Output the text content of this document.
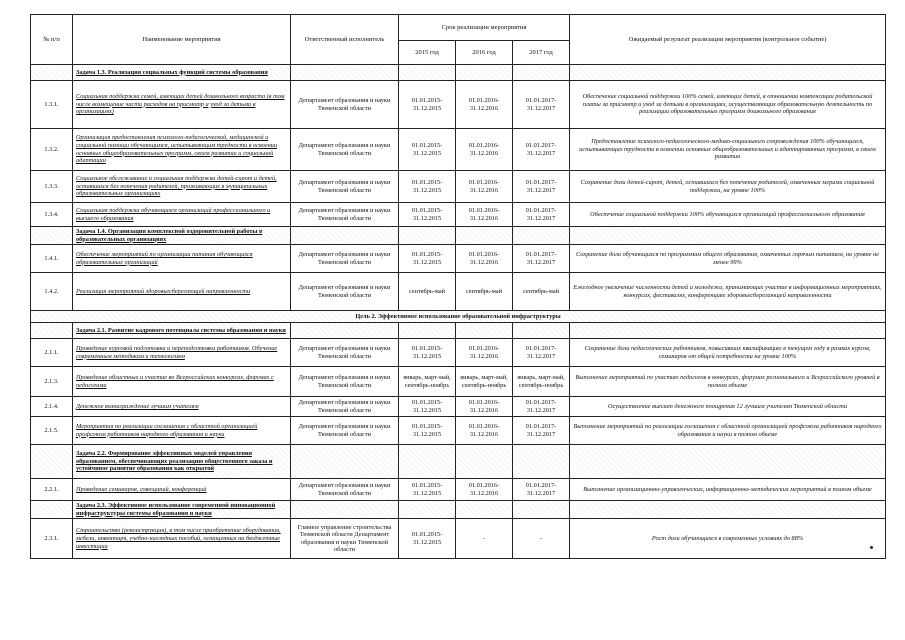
№ п/п	Наименование мероприятия	Ответственный исполнитель	Срок реализации мероприятия			Ожидаемый результат реализации мероприятия (контрольное событие)
			2015 год	2016 год	2017 год	
	Задача 1.3. Реализация социальных функций системы образования					
1.3.1.	Социальная поддержка семей, имеющих детей дошкольного возраста (в том числе возмещение части расходов на присмотр и уход за детьми в организациях)	Департамент образования и науки Тюменской области	01.01.2015-31.12.2015	01.01.2016-31.12.2016	01.01.2017-31.12.2017	Обеспечение социальной поддержки 100% семей, имеющих детей, в отношении компенсации родительской платы за присмотр и уход за детьми в организациях, осуществляющих образовательную деятельность по реализации образовательных программ дошкольного образования
1.3.2.	Организация предоставления психолого-педагогической, медицинской и социальной помощи обучающимся, испытывающим трудности в освоении основных общеобразовательных программ, своем развитии и социальной адаптации	Департамент образования и науки Тюменской области	01.01.2015-31.12.2015	01.01.2016-31.12.2016	01.01.2017-31.12.2017	Предоставление психолого-педагогического-медико-социального сопровождения 100% обучающихся, испытывающих трудности в освоении основных общеобразовательных и адаптированных программ, в своем развитии
1.3.3.	Социальное обслуживание и социальная поддержка детей-сирот и детей, оставшихся без попечения родителей, проживающих в муниципальных образовательных организациях	Департамент образования и науки Тюменской области	01.01.2015-31.12.2015	01.01.2016-31.12.2016	01.01.2017-31.12.2017	Сохранение доли детей-сирот, детей, оставшихся без попечения родителей, охваченных мерами социальной поддержки, на уровне 100%
1.3.4.	Социальная поддержка обучающихся организаций профессионального и высшего образования	Департамент образования и науки Тюменской области	01.01.2015-31.12.2015	01.01.2016-31.12.2016	01.01.2017-31.12.2017	Обеспечение социальной поддержки 100% обучающихся организаций профессионального образования
	Задача 1.4. Организация комплексной оздоровительной работы в образовательных организациях					
1.4.1.	Обеспечение мероприятий по организации питания обучающихся образовательных организаций	Департамент образования и науки Тюменской области	01.01.2015-31.12.2015	01.01.2016-31.12.2016	01.01.2017-31.12.2017	Сохранение доли обучающихся по программам общего образования, охваченных горячим питанием, на уровне не менее 99%
1.4.2.	Реализация мероприятий здоровьесберегающей направленности	Департамент образования и науки Тюменской области	сентябрь-май	сентябрь-май	сентябрь-май	Ежегодное увеличение численности детей и молодежи, принимающих участие в информационных мероприятиях, конкурсах, фестивалях, конференциях здоровьесберегающей направленности
Цель 2. Эффективное использование образовательной инфраструктуры						
	Задача 2.1. Развитие кадрового потенциала системы образования и науки					
2.1.1.	Проведение курсовой подготовки и переподготовки работников. Обучение современным методикам и технологиям	Департамент образования и науки Тюменской области	01.01.2015-31.12.2015	01.01.2016-31.12.2016	01.01.2017-31.12.2017	Сохранение доли педагогических работников, повысивших квалификацию в текущем году в рамках курсов, семинаров от общей потребности на уровне 100%
2.1.3.	Проведение областных и участие во Всероссийских конкурсах, форумах с педагогами	Департамент образования и науки Тюменской области	январь, март-май, сентябрь-ноябрь	январь, март-май, сентябрь-ноябрь	январь, март-май, сентябрь-ноябрь	Выполнение мероприятий по участию педагогов в конкурсах, форумах регионального и Всероссийского уровней в полном объеме
2.1.4.	Денежное вознаграждение лучшим учителям	Департамент образования и науки Тюменской области	01.01.2015-31.12.2015	01.01.2016-31.12.2016	01.01.2017-31.12.2017	Осуществление выплат денежного поощрения 12 лучшим учителям Тюменской области
2.1.5.	Мероприятия по реализации соглашения с областной организацией профсоюза работников народного образования и науки	Департамент образования и науки Тюменской области	01.01.2015-31.12.2015	01.01.2016-31.12.2016	01.01.2017-31.12.2017	Выполнение мероприятий по реализации соглашения с областной организацией профсоюза работников народного образования и науки в полном объеме
	Задача 2.2. Формирование эффективных моделей управления образованием, обеспечивающих реализацию общественного заказа и устойчивое развитие образования как открытой					
2.2.1.	Проведение семинаров, совещаний, конференций	Департамент образования и науки Тюменской области	01.01.2015-31.12.2015	01.01.2016-31.12.2016	01.01.2017-31.12.2017	Выполнение организационно-управленческих, информационно-методических мероприятий в полном объеме
	Задача 2.3. Эффективное использование современной инновационной инфраструктуры системы образования и науки					
2.3.1.	Строительство (реконструкция), в том числе приобретение оборудования, мебели, инвентаря, учебно-наглядных пособий, оснащенных на бюджетные инвестиции	Главное управление строительства Тюменской области Департамент образования и науки Тюменской области	01.01.2015-31.12.2015	-	-	Рост доли обучающихся в современных условиях до 88%
